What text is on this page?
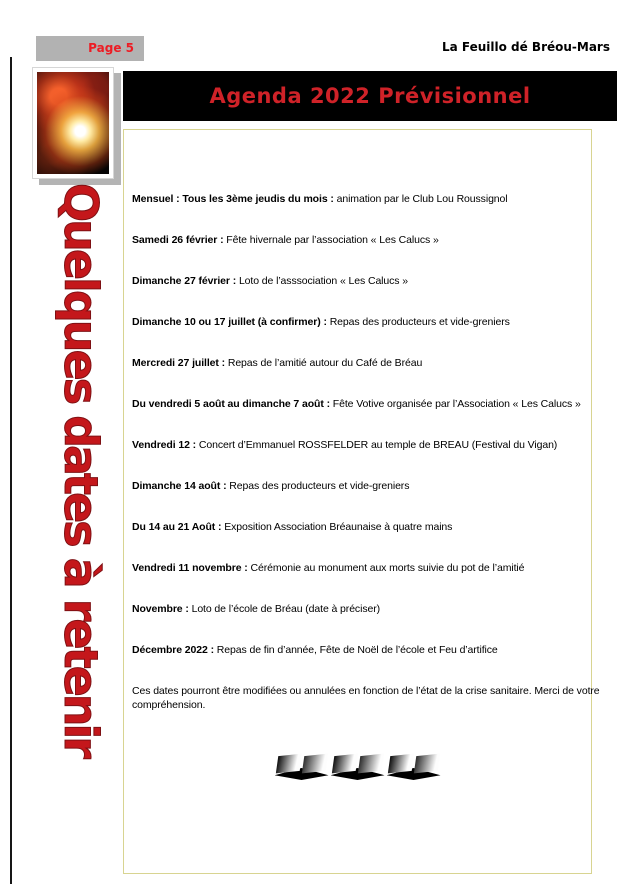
Page 5	La Feuillo dé Bréou-Mars
Agenda 2022 Prévisionnel
Quelques dates à retenir Mensuel : Tous les 3ème jeudis du mois : animation par le Club Lou Roussignol
Samedi 26 février : Fête hivernale par l’association « Les Calucs »
Dimanche 27 février : Loto de l’asssociation « Les Calucs »
Dimanche 10 ou 17 juillet (à confirmer) : Repas des producteurs et vide-greniers
Mercredi 27 juillet : Repas de l’amitié autour du Café de Bréau
Du vendredi 5 août au dimanche 7 août : Fête Votive organisée par l’Association « Les Calucs »
Vendredi 12 : Concert d’Emmanuel ROSSFELDER au temple de BREAU (Festival du Vigan)
Dimanche 14 août : Repas des producteurs et vide-greniers
Du 14 au 21 Août : Exposition Association Bréaunaise à quatre mains
Vendredi 11 novembre : Cérémonie au monument aux morts suivie du pot de l’amitié
Novembre : Loto de l’école de Bréau (date à préciser)
Décembre 2022 : Repas de fin d’année, Fête de Noël de l’école et Feu d’artifice
Ces dates pourront être modifiées ou annulées en fonction de l’état de la crise sanitaire. Merci de votre compréhension.
